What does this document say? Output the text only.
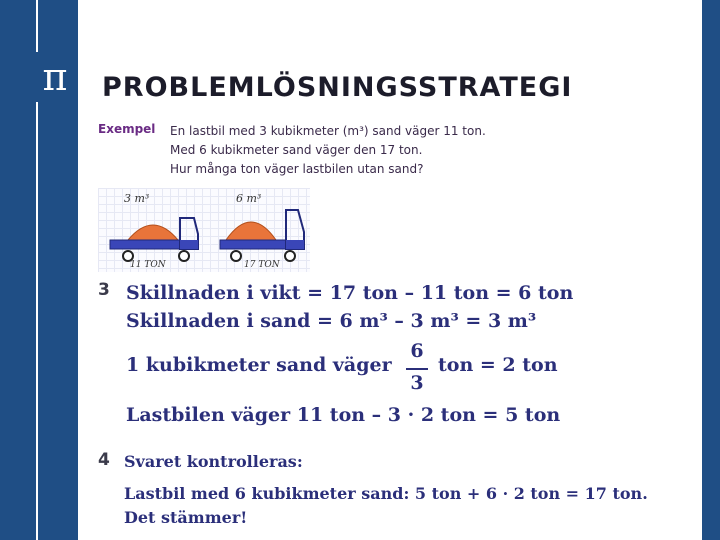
π PROBLEMLÖSNINGSSTRATEGI
Exempel En lastbil med 3 kubikmeter (m³) sand väger 11 ton.
Med 6 kubikmeter sand väger den 17 ton.
Hur många ton väger lastbilen utan sand?
3 m³
11 TON
6 m³
17 TON
3 Skillnaden i vikt = 17 ton – 11 ton = 6 ton
Skillnaden i sand = 6 m³ – 3 m³ = 3 m³
1 kubikmeter sand väger
6
3
ton = 2 ton
Lastbilen väger 11 ton – 3 · 2 ton = 5 ton
4 Svaret kontrolleras:
Lastbil med 6 kubikmeter sand: 5 ton + 6 · 2 ton = 17 ton.
Det stämmer!
